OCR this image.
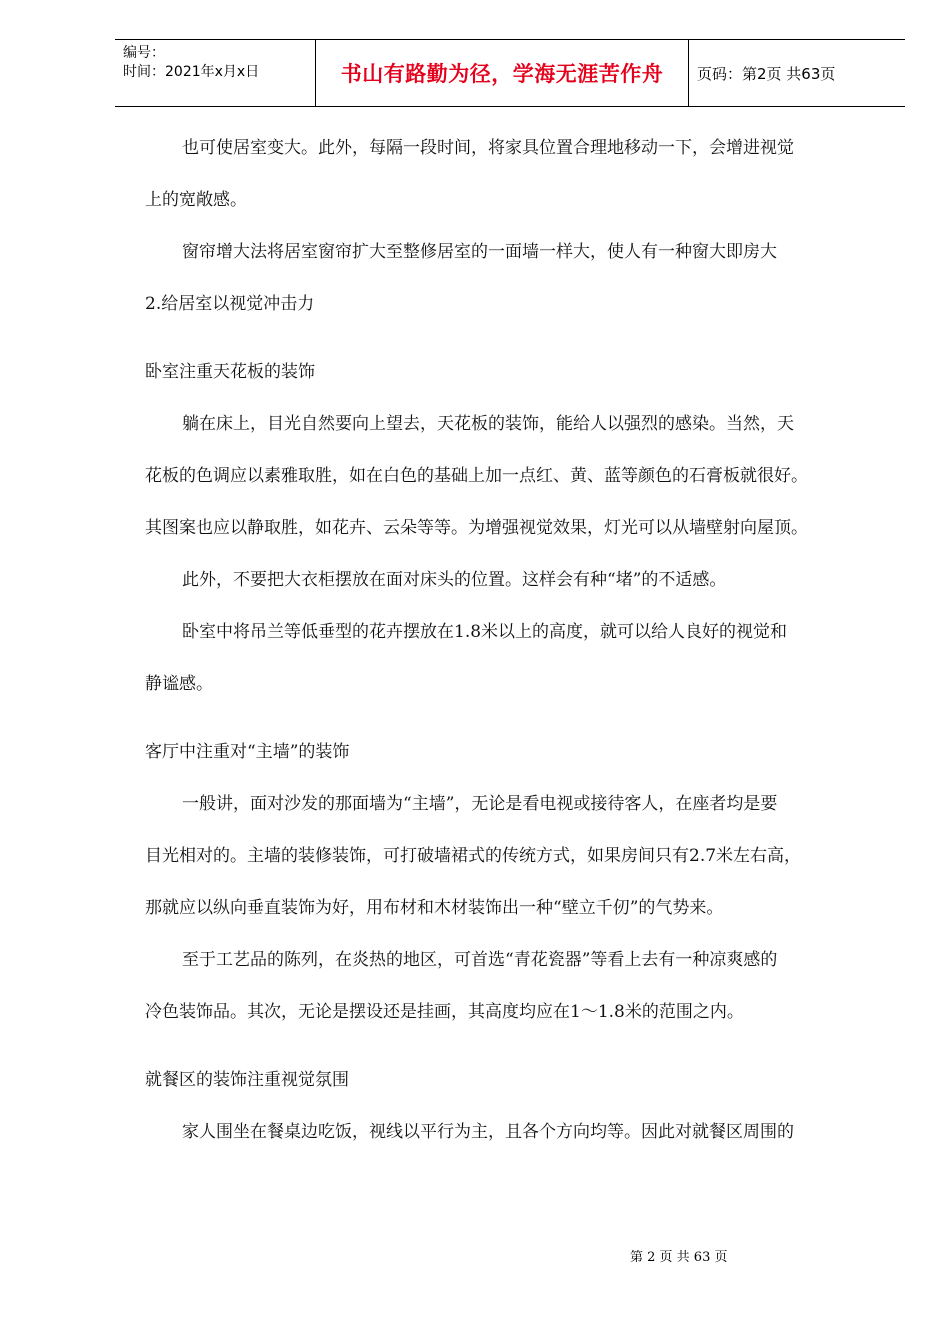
编号：
时间：2021年x月x日	书山有路勤为径，学海无涯苦作舟	页码：第2页 共63页
也可使居室变大。此外，每隔一段时间，将家具位置合理地移动一下，会增进视觉
上的宽敞感。
窗帘增大法将居室窗帘扩大至整修居室的一面墙一样大，使人有一种窗大即房大
2.给居室以视觉冲击力
卧室注重天花板的装饰
躺在床上，目光自然要向上望去，天花板的装饰，能给人以强烈的感染。当然，天
花板的色调应以素雅取胜，如在白色的基础上加一点红、黄、蓝等颜色的石膏板就很好。
其图案也应以静取胜，如花卉、云朵等等。为增强视觉效果，灯光可以从墙壁射向屋顶。
此外，不要把大衣柜摆放在面对床头的位置。这样会有种“堵”的不适感。
卧室中将吊兰等低垂型的花卉摆放在1.8米以上的高度，就可以给人良好的视觉和
静谧感。
客厅中注重对“主墙”的装饰
一般讲，面对沙发的那面墙为“主墙”，无论是看电视或接待客人，在座者均是要
目光相对的。主墙的装修装饰，可打破墙裙式的传统方式，如果房间只有2.7米左右高，
那就应以纵向垂直装饰为好，用布材和木材装饰出一种“壁立千仞”的气势来。
至于工艺品的陈列，在炎热的地区，可首选“青花瓷器”等看上去有一种凉爽感的
冷色装饰品。其次，无论是摆设还是挂画，其高度均应在1～1.8米的范围之内。
就餐区的装饰注重视觉氛围
家人围坐在餐桌边吃饭，视线以平行为主，且各个方向均等。因此对就餐区周围的
第 2 页 共 63 页
